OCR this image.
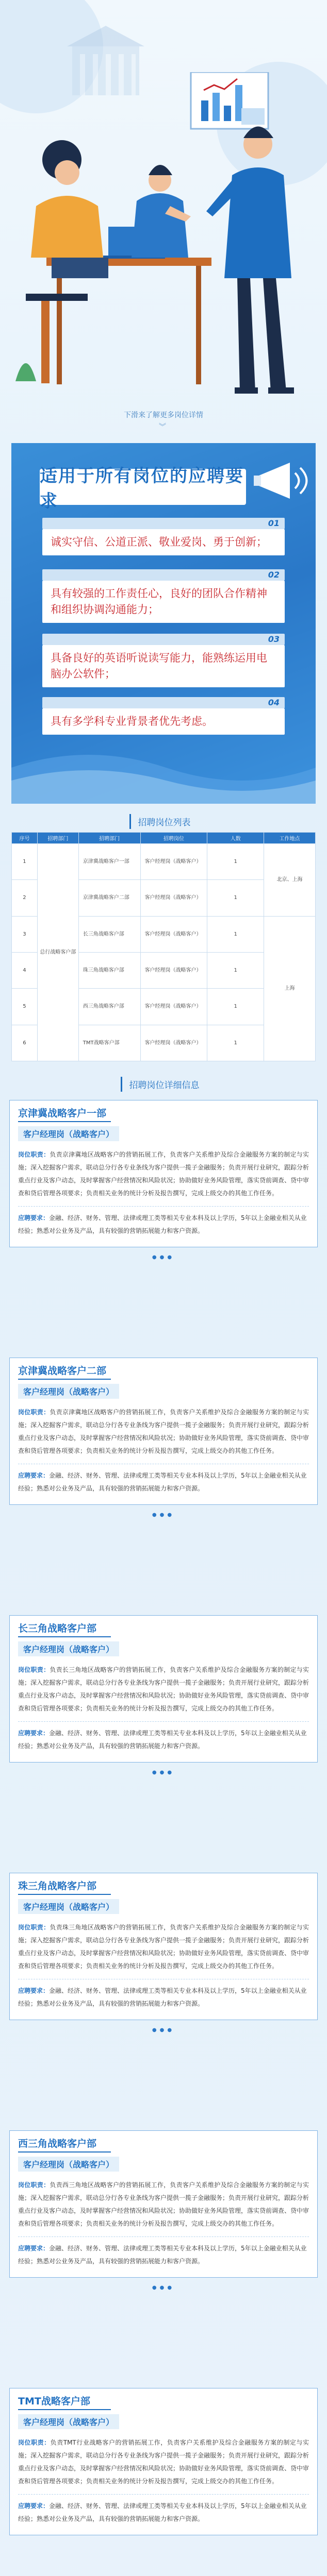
下滑来了解更多岗位详情
︾
适用于所有岗位的应聘要求
01
诚实守信、公道正派、敬业爱岗、勇于创新；
02
具有较强的工作责任心，良好的团队合作精神和组织协调沟通能力；
03
具备良好的英语听说读写能力，能熟练运用电脑办公软件；
04
具有多学科专业背景者优先考虑。
招聘岗位列表
序号	招聘部门	招聘部门	招聘岗位	人数	工作地点
1	总行战略客户部	京津冀战略客户一部	客户经理岗（战略客户）	1	北京、上海
2		京津冀战略客户二部	客户经理岗（战略客户）	1	
3		长三角战略客户部	客户经理岗（战略客户）	1	上海
4		珠三角战略客户部	客户经理岗（战略客户）	1	
5		西三角战略客户部	客户经理岗（战略客户）	1	
6		TMT战略客户部	客户经理岗（战略客户）	1	
招聘岗位详细信息
京津冀战略客户一部
客户经理岗（战略客户）
岗位职责：负责京津冀地区战略客户的营销拓展工作，负责客户关系维护及综合金融服务方案的制定与实施；深入挖掘客户需求，联动总分行各专业条线为客户提供一揽子金融服务；负责开展行业研究，跟踪分析重点行业及客户动态，及时掌握客户经营情况和风险状况；协助做好业务风险管理，落实贷前调查、贷中审查和贷后管理各项要求；负责相关业务的统计分析及报告撰写，完成上级交办的其他工作任务。
应聘要求：金融、经济、财务、管理、法律或理工类等相关专业本科及以上学历，5年以上金融业相关从业经验；熟悉对公业务及产品，具有较强的营销拓展能力和客户资源。
●●●
京津冀战略客户二部
客户经理岗（战略客户）
岗位职责：负责京津冀地区战略客户的营销拓展工作，负责客户关系维护及综合金融服务方案的制定与实施；深入挖掘客户需求，联动总分行各专业条线为客户提供一揽子金融服务；负责开展行业研究，跟踪分析重点行业及客户动态，及时掌握客户经营情况和风险状况；协助做好业务风险管理，落实贷前调查、贷中审查和贷后管理各项要求；负责相关业务的统计分析及报告撰写，完成上级交办的其他工作任务。
应聘要求：金融、经济、财务、管理、法律或理工类等相关专业本科及以上学历，5年以上金融业相关从业经验；熟悉对公业务及产品，具有较强的营销拓展能力和客户资源。
●●●
长三角战略客户部
客户经理岗（战略客户）
岗位职责：负责长三角地区战略客户的营销拓展工作，负责客户关系维护及综合金融服务方案的制定与实施；深入挖掘客户需求，联动总分行各专业条线为客户提供一揽子金融服务；负责开展行业研究，跟踪分析重点行业及客户动态，及时掌握客户经营情况和风险状况；协助做好业务风险管理，落实贷前调查、贷中审查和贷后管理各项要求；负责相关业务的统计分析及报告撰写，完成上级交办的其他工作任务。
应聘要求：金融、经济、财务、管理、法律或理工类等相关专业本科及以上学历，5年以上金融业相关从业经验；熟悉对公业务及产品，具有较强的营销拓展能力和客户资源。
●●●
珠三角战略客户部
客户经理岗（战略客户）
岗位职责：负责珠三角地区战略客户的营销拓展工作，负责客户关系维护及综合金融服务方案的制定与实施；深入挖掘客户需求，联动总分行各专业条线为客户提供一揽子金融服务；负责开展行业研究，跟踪分析重点行业及客户动态，及时掌握客户经营情况和风险状况；协助做好业务风险管理，落实贷前调查、贷中审查和贷后管理各项要求；负责相关业务的统计分析及报告撰写，完成上级交办的其他工作任务。
应聘要求：金融、经济、财务、管理、法律或理工类等相关专业本科及以上学历，5年以上金融业相关从业经验；熟悉对公业务及产品，具有较强的营销拓展能力和客户资源。
●●●
西三角战略客户部
客户经理岗（战略客户）
岗位职责：负责西三角地区战略客户的营销拓展工作，负责客户关系维护及综合金融服务方案的制定与实施；深入挖掘客户需求，联动总分行各专业条线为客户提供一揽子金融服务；负责开展行业研究，跟踪分析重点行业及客户动态，及时掌握客户经营情况和风险状况；协助做好业务风险管理，落实贷前调查、贷中审查和贷后管理各项要求；负责相关业务的统计分析及报告撰写，完成上级交办的其他工作任务。
应聘要求：金融、经济、财务、管理、法律或理工类等相关专业本科及以上学历，5年以上金融业相关从业经验；熟悉对公业务及产品，具有较强的营销拓展能力和客户资源。
●●●
TMT战略客户部
客户经理岗（战略客户）
岗位职责：负责TMT行业战略客户的营销拓展工作，负责客户关系维护及综合金融服务方案的制定与实施；深入挖掘客户需求，联动总分行各专业条线为客户提供一揽子金融服务；负责开展行业研究，跟踪分析重点行业及客户动态，及时掌握客户经营情况和风险状况；协助做好业务风险管理，落实贷前调查、贷中审查和贷后管理各项要求；负责相关业务的统计分析及报告撰写，完成上级交办的其他工作任务。
应聘要求：金融、经济、财务、管理、法律或理工类等相关专业本科及以上学历，5年以上金融业相关从业经验；熟悉对公业务及产品，具有较强的营销拓展能力和客户资源。
